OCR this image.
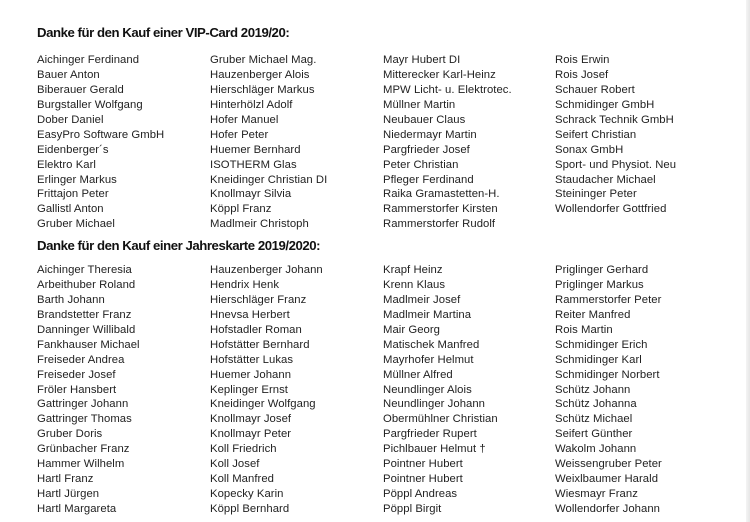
Danke für den Kauf einer VIP-Card 2019/20:
Aichinger Ferdinand
Bauer Anton
Biberauer Gerald
Burgstaller Wolfgang
Dober Daniel
EasyPro Software GmbH
Eidenberger´s
Elektro Karl
Erlinger Markus
Frittajon Peter
Gallistl Anton
Gruber Michael
Gruber Michael Mag.
Hauzenberger Alois
Hierschläger Markus
Hinterhölzl Adolf
Hofer Manuel
Hofer Peter
Huemer Bernhard
ISOTHERM Glas
Kneidinger Christian DI
Knollmayr Silvia
Köppl Franz
Madlmeir Christoph
Mayr Hubert DI
Mitterecker Karl-Heinz
MPW Licht- u. Elektrotec.
Müllner Martin
Neubauer Claus
Niedermayr Martin
Pargfrieder Josef
Peter Christian
Pfleger Ferdinand
Raika Gramastetten-H.
Rammerstorfer Kirsten
Rammerstorfer Rudolf
Rois Erwin
Rois Josef
Schauer Robert
Schmidinger GmbH
Schrack Technik GmbH
Seifert Christian
Sonax GmbH
Sport- und Physiot. Neu
Staudacher Michael
Steininger Peter
Wollendorfer Gottfried
Danke für den Kauf einer Jahreskarte 2019/2020:
Aichinger Theresia
Arbeithuber Roland
Barth Johann
Brandstetter Franz
Danninger Willibald
Fankhauser Michael
Freiseder Andrea
Freiseder Josef
Fröler Hansbert
Gattringer Johann
Gattringer Thomas
Gruber Doris
Grünbacher Franz
Hammer Wilhelm
Hartl Franz
Hartl Jürgen
Hartl Margareta
Hauzenberger Johann
Hendrix Henk
Hierschläger Franz
Hnevsa Herbert
Hofstadler Roman
Hofstätter Bernhard
Hofstätter Lukas
Huemer Johann
Keplinger Ernst
Kneidinger Wolfgang
Knollmayr Josef
Knollmayr Peter
Koll Friedrich
Koll Josef
Koll Manfred
Kopecky Karin
Köppl Bernhard
Krapf Heinz
Krenn Klaus
Madlmeir Josef
Madlmeir Martina
Mair Georg
Matischek Manfred
Mayrhofer Helmut
Müllner Alfred
Neundlinger Alois
Neundlinger Johann
Obermühlner Christian
Pargfrieder Rupert
Pichlbauer Helmut †
Pointner Hubert
Pointner Hubert
Pöppl Andreas
Pöppl Birgit
Priglinger Gerhard
Priglinger Markus
Rammerstorfer Peter
Reiter Manfred
Rois Martin
Schmidinger Erich
Schmidinger Karl
Schmidinger Norbert
Schütz Johann
Schütz Johanna
Schütz Michael
Seifert Günther
Wakolm Johann
Weissengruber Peter
Weixlbaumer Harald
Wiesmayr Franz
Wollendorfer Johann
